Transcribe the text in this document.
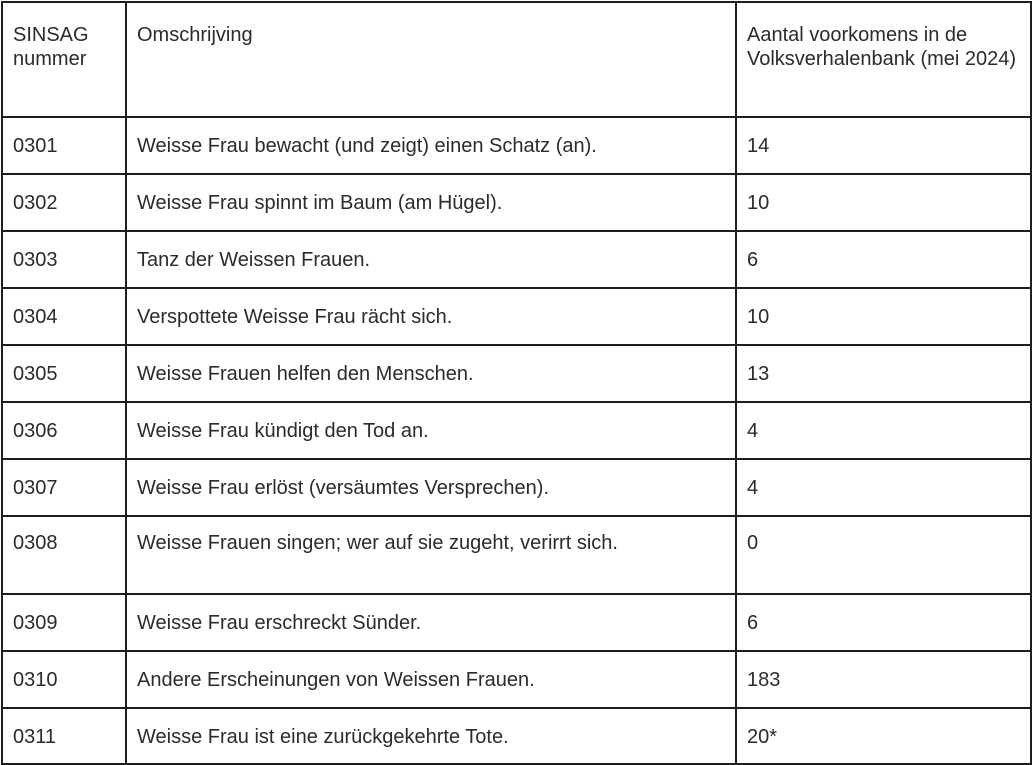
SINSAG nummer	Omschrijving	Aantal voorkomens in de Volksverhalenbank (mei 2024)
0301	Weisse Frau bewacht (und zeigt) einen Schatz (an).	14
0302	Weisse Frau spinnt im Baum (am Hügel).	10
0303	Tanz der Weissen Frauen.	6
0304	Verspottete Weisse Frau rächt sich.	10
0305	Weisse Frauen helfen den Menschen.	13
0306	Weisse Frau kündigt den Tod an.	4
0307	Weisse Frau erlöst (versäumtes Versprechen).	4
0308	Weisse Frauen singen; wer auf sie zugeht, verirrt sich.	0
0309	Weisse Frau erschreckt Sünder.	6
0310	Andere Erscheinungen von Weissen Frauen.	183
0311	Weisse Frau ist eine zurückgekehrte Tote.	20*
